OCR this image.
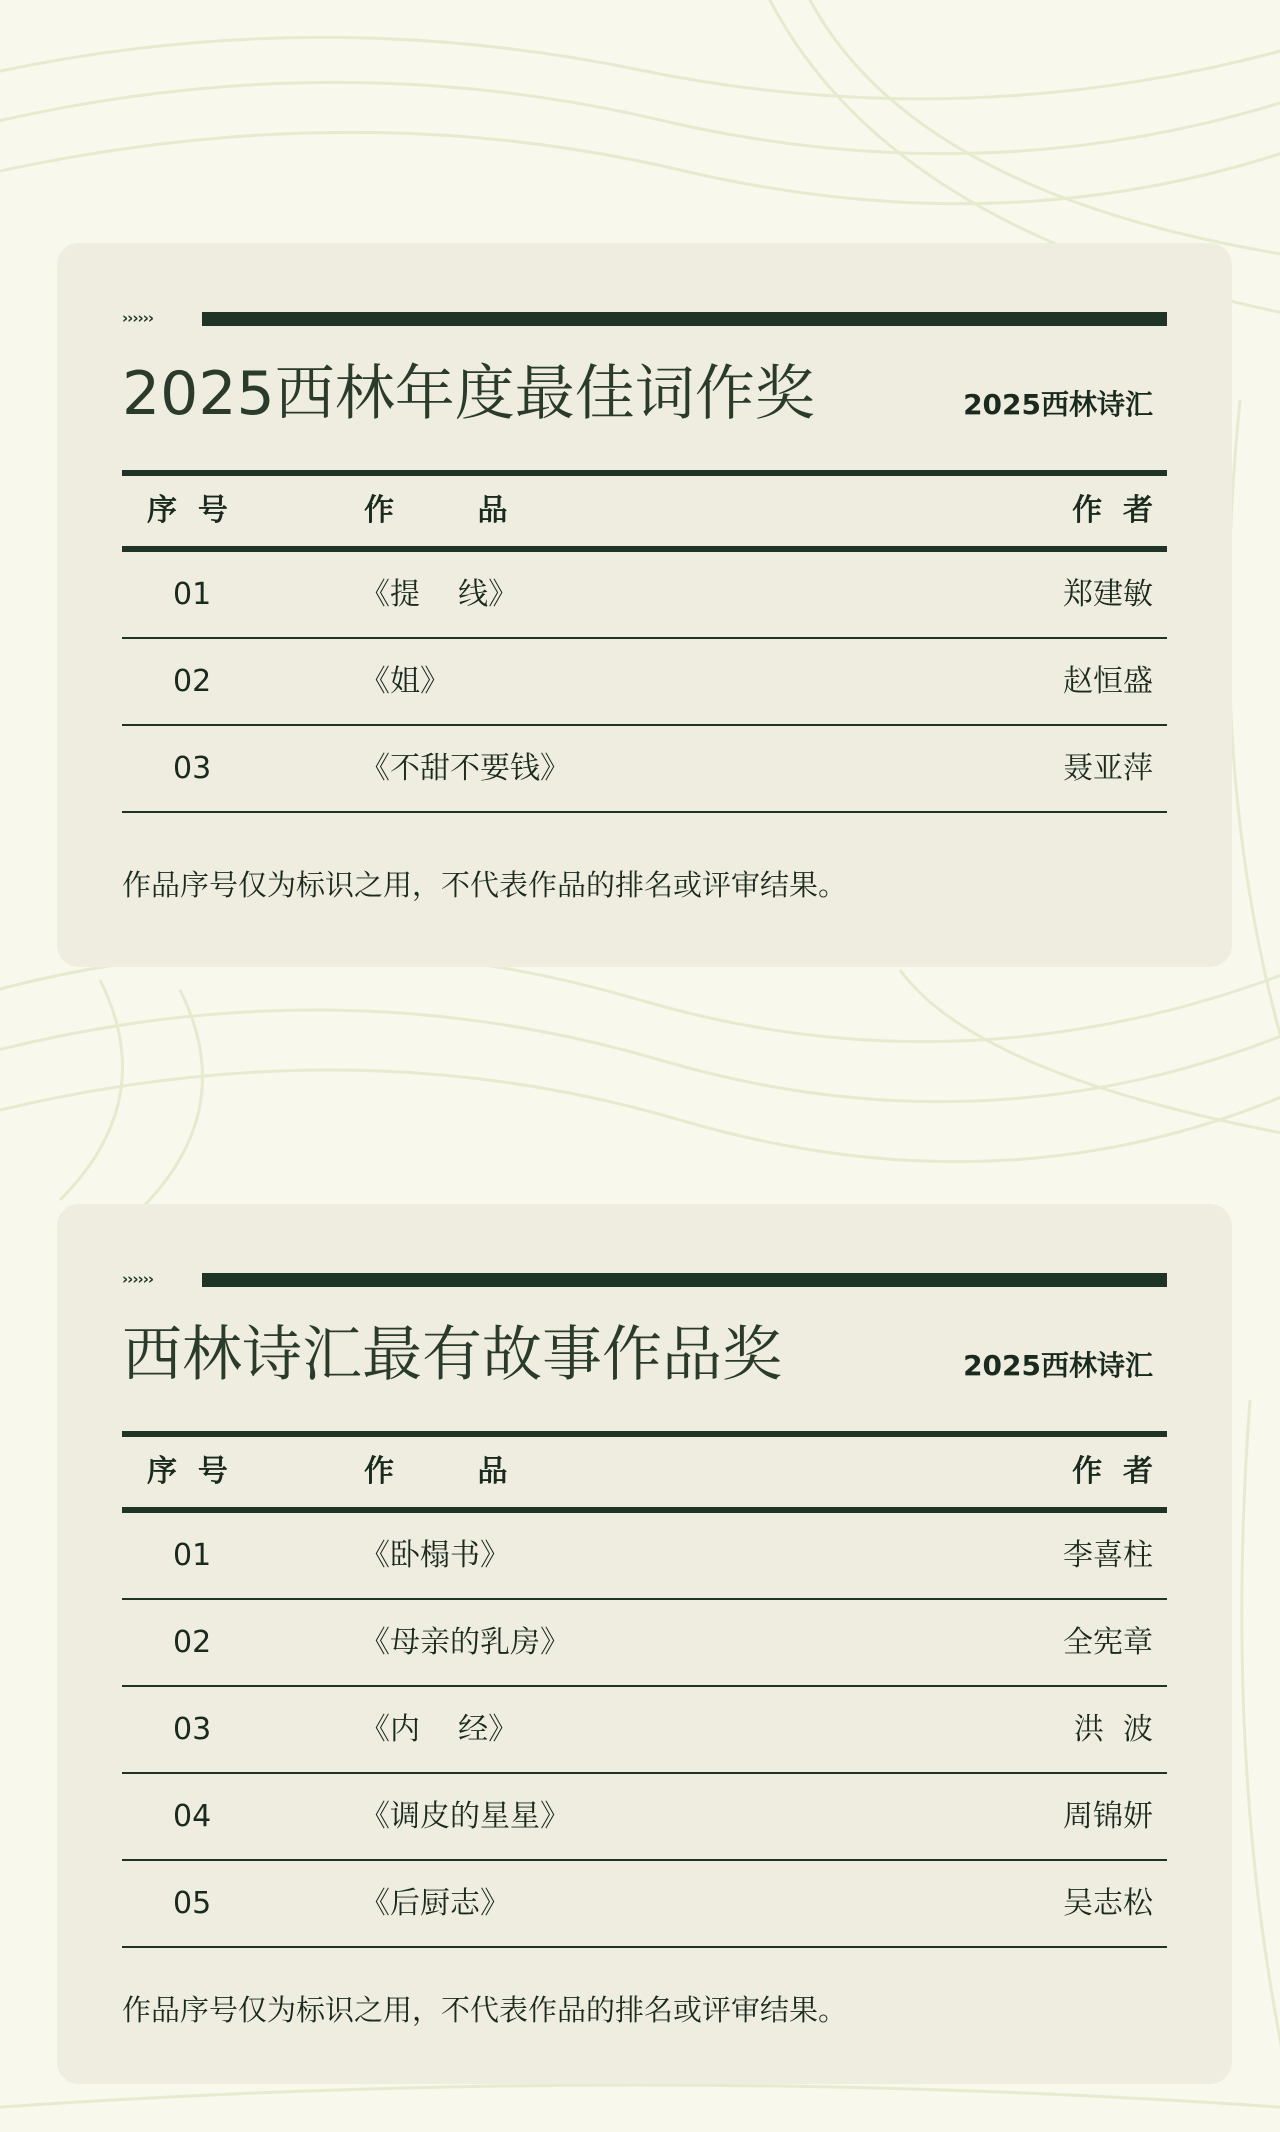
››››››
2025西林年度最佳词作奖	2025西林诗汇
序  号	作        品	作  者
01	《提    线》	郑建敏
02	《姐》	赵恒盛
03	《不甜不要钱》	聂亚萍
作品序号仅为标识之用，不代表作品的排名或评审结果。
››››››
西林诗汇最有故事作品奖	2025西林诗汇
序  号	作        品	作  者
01	《卧榻书》	李喜柱
02	《母亲的乳房》	全宪章
03	《内    经》	洪  波
04	《调皮的星星》	周锦妍
05	《后厨志》	吴志松
作品序号仅为标识之用，不代表作品的排名或评审结果。
